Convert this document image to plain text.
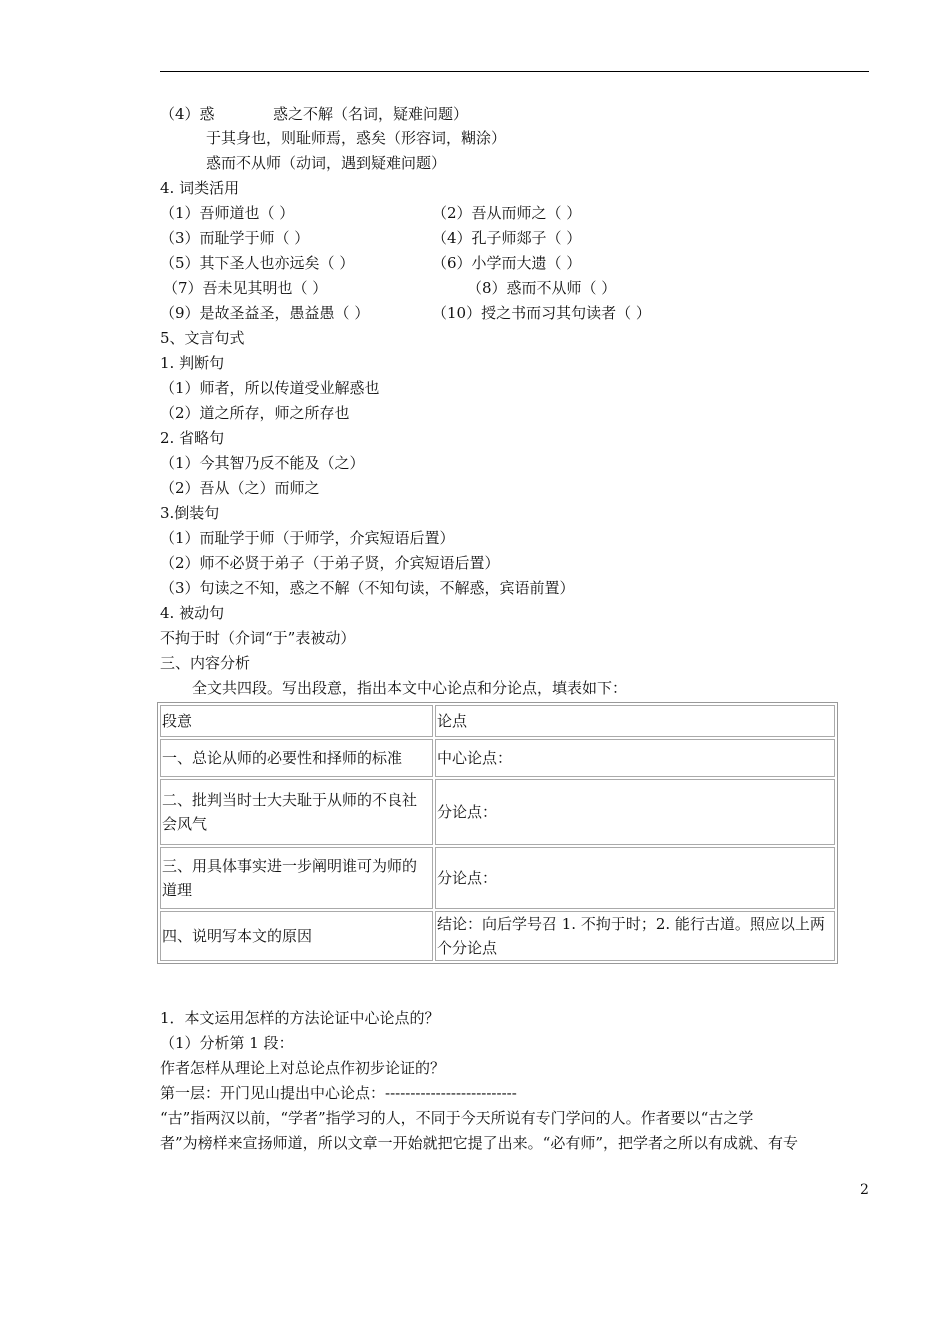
（4）惑	惑之不解（名词，疑难问题）
于其身也，则耻师焉，惑矣（形容词，糊涂）
惑而不从师（动词，遇到疑难问题）
4. 词类活用
（1）吾师道也（ ）	（2）吾从而师之（ ）
（3）而耻学于师（ ）	（4）孔子师郯子（ ）
（5）其下圣人也亦远矣（ ）	（6）小学而大遗（ ）
（7）吾未见其明也（ ）	（8）惑而不从师（ ）
（9）是故圣益圣，愚益愚（ ）	（10）授之书而习其句读者（ ）
5、文言句式
1. 判断句
（1）师者，所以传道受业解惑也
（2）道之所存，师之所存也
2. 省略句
（1）今其智乃反不能及（之）
（2）吾从（之）而师之
3.倒装句
（1）而耻学于师（于师学，介宾短语后置）
（2）师不必贤于弟子（于弟子贤，介宾短语后置）
（3）句读之不知，惑之不解（不知句读，不解惑，宾语前置）
4. 被动句
不拘于时（介词“于”表被动）
三、内容分析
全文共四段。写出段意，指出本文中心论点和分论点，填表如下：
段意	论点
一、总论从师的必要性和择师的标准	中心论点：
二、批判当时士大夫耻于从师的不良社会风气	分论点：
三、用具体事实进一步阐明谁可为师的道理	分论点：
四、说明写本文的原因	结论：向后学号召 1. 不拘于时；2. 能行古道。照应以上两个分论点
1．本文运用怎样的方法论证中心论点的？
（1）分析第 1 段：
作者怎样从理论上对总论点作初步论证的？
第一层：开门见山提出中心论点：--------------------------
“古”指两汉以前，“学者”指学习的人，不同于今天所说有专门学问的人。作者要以“古之学
者”为榜样来宣扬师道，所以文章一开始就把它提了出来。“必有师”，把学者之所以有成就、有专
2
